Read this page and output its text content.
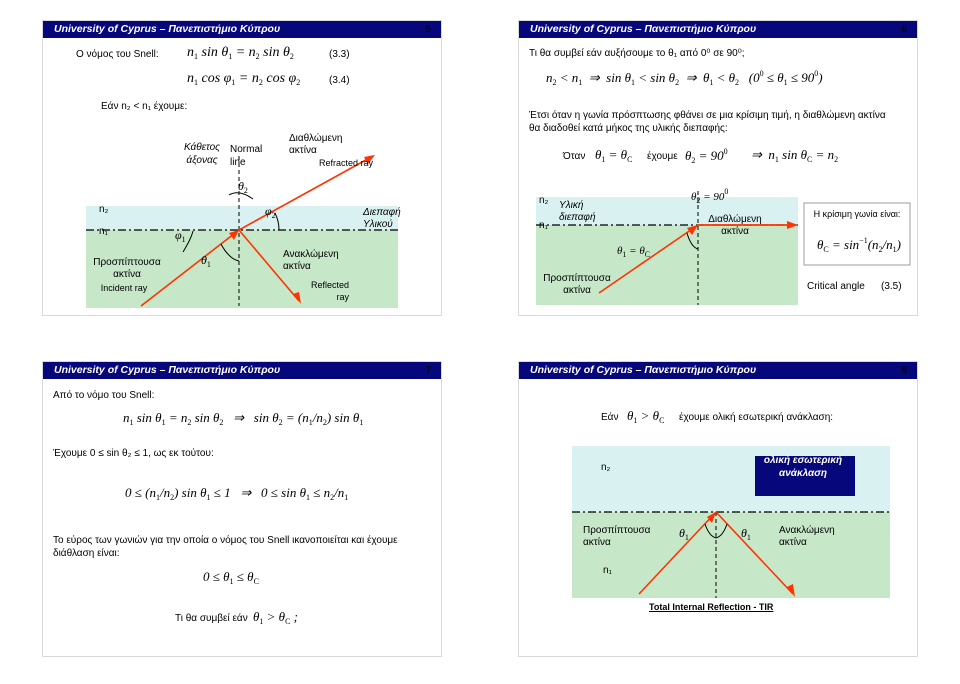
University of Cyprus – Πανεπιστήμιο Κύπρου	5
Ο νόμος του Snell: $n_1$ $\sin \theta_1 = n_2$ $\sin \theta_2$	(3.3)
$n_1$ $\cos \varphi_1 = n_2$ $\cos \varphi_2$	(3.4)
Εάν n₂ < n₁ έχουμε:
n₂
n₁
Κάθετος άξονας
Normal line
Διαθλώμενη ακτίνα
Refracted ray
Διεπαφή Υλικού
Προσπίπτουσα ακτίνα
Incident ray
Ανακλώμενη ακτίνα
Reflected ray
$\theta_2$
$\varphi_2$
$\varphi_1$
$\theta_1$
University of Cyprus – Πανεπιστήμιο Κύπρου	6
Τι θα συμβεί εάν αυξήσουμε το θ₁ από 0⁰ σε 90⁰;
$n_2 < n_1$  ⇒  $\sin \theta_1 < \sin \theta_2$  ⇒  $\theta_1 < \theta_2$   $(0^0 \le \theta_1 \le 90^0)$
Έτσι όταν η γωνία πρόσπτωσης φθάνει σε μια κρίσιμη τιμή, η διαθλώμενη ακτίνα θα διαδοθεί κατά μήκος της υλικής διεπαφής:
Όταν $\theta_1 = \theta_C$ έχουμε $\theta_2 = 90^0$ ⇒  $n_1$ $\sin \theta_C = n_2$
n₂
n₁
Υλική διεπαφή
$\theta_2 = 90^0$
Διαθλώμενη ακτίνα
$\theta_1 = \theta_C$
Προσπίπτουσα ακτίνα
Η κρίσιμη γωνία είναι:
$\theta_C = \sin^{-1}(n_2/n_1)$
Critical angle (3.5)
University of Cyprus – Πανεπιστήμιο Κύπρου	7
Από το νόμο του Snell:
$n_1$ $\sin \theta_1 = n_2$ $\sin \theta_2$   ⇒   $\sin \theta_2 = (n_1/n_2)$ $\sin \theta_1$
Έχουμε 0 ≤ sin θ₂ ≤ 1, ως εκ τούτου:
$0 \le (n_1/n_2)$ $\sin \theta_1 \le 1$   ⇒   $0 \le \sin \theta_1 \le n_2/n_1$
Το εύρος των γωνιών για την οποία ο νόμος του Snell ικανοποιείται και έχουμε διάθλαση είναι:
$0 \le \theta_1 \le \theta_C$
Τι θα συμβεί εάν $\theta_1 > \theta_C$ ;
University of Cyprus – Πανεπιστήμιο Κύπρου	8
Εάν $\theta_1 > \theta_C$ έχουμε ολική εσωτερική ανάκλαση:
n₂
n₁
ολική εσωτερική ανάκλαση
Προσπίπτουσα ακτίνα
$\theta_1$	$\theta_1$
Ανακλώμενη ακτίνα
Total Internal Reflection - TIR
